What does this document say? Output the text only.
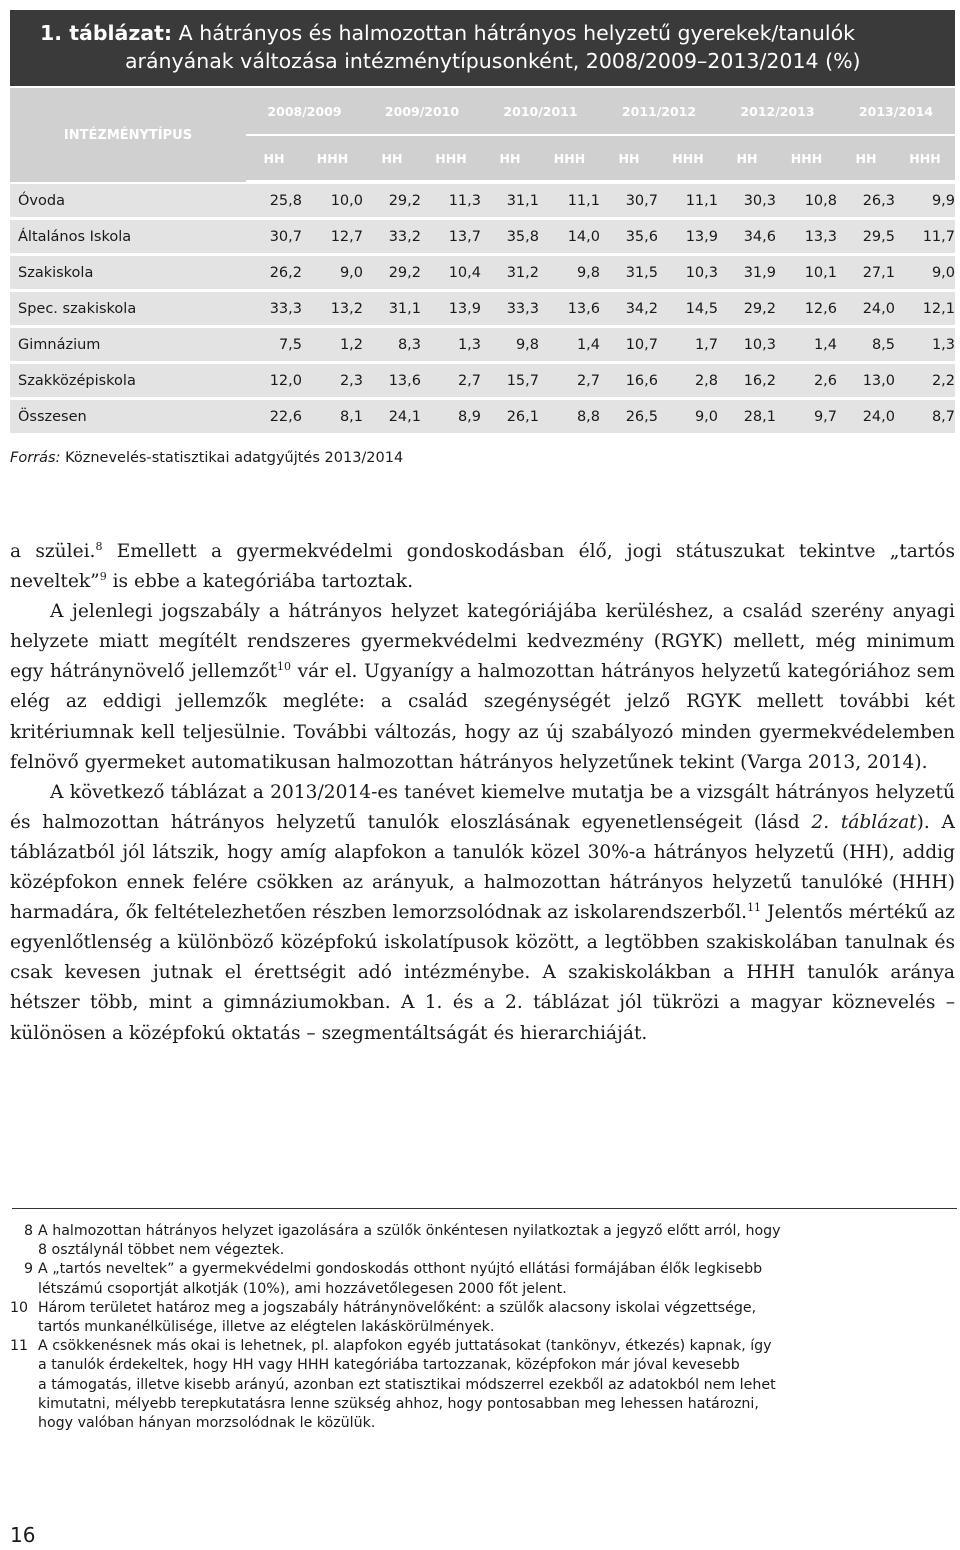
1. táblázat: A hátrányos és halmozottan hátrányos helyzetű gyerekek/tanulók
arányának változása intézménytípusonként, 2008/2009–2013/2014 (%)
INTÉZMÉNYTÍPUS	2008/2009		2009/2010		2010/2011		2011/2012		2012/2013		2013/2014	
	HH	HHH	HH	HHH	HH	HHH	HH	HHH	HH	HHH	HH	HHH
Óvoda	25,8	10,0	29,2	11,3	31,1	11,1	30,7	11,1	30,3	10,8	26,3	9,9
Általános Iskola	30,7	12,7	33,2	13,7	35,8	14,0	35,6	13,9	34,6	13,3	29,5	11,7
Szakiskola	26,2	9,0	29,2	10,4	31,2	9,8	31,5	10,3	31,9	10,1	27,1	9,0
Spec. szakiskola	33,3	13,2	31,1	13,9	33,3	13,6	34,2	14,5	29,2	12,6	24,0	12,1
Gimnázium	7,5	1,2	8,3	1,3	9,8	1,4	10,7	1,7	10,3	1,4	8,5	1,3
Szakközépiskola	12,0	2,3	13,6	2,7	15,7	2,7	16,6	2,8	16,2	2,6	13,0	2,2
Összesen	22,6	8,1	24,1	8,9	26,1	8,8	26,5	9,0	28,1	9,7	24,0	8,7
Forrás: Köznevelés-statisztikai adatgyűjtés 2013/2014

a szülei.$^8$ Emellett a gyermekvédelmi gondoskodásban élő, jogi státuszukat tekintve „tartós neveltek”$^9$ is ebbe a kategóriába tartoztak.

A jelenlegi jogszabály a hátrányos helyzet kategóriájába kerüléshez, a család szerény anyagi helyzete miatt megítélt rendszeres gyermekvédelmi kedvezmény (RGYK) mellett, még minimum egy hátránynövelő jellemzőt$^{10}$ vár el. Ugyanígy a halmozottan hátrányos helyzetű kategóriához sem elég az eddigi jellemzők megléte: a család szegénységét jelző RGYK mellett további két kritériumnak kell teljesülnie. További változás, hogy az új szabályozó minden gyermekvédelemben felnövő gyermeket automatikusan halmozottan hátrányos helyzetűnek tekint (Varga 2013, 2014).

A következő táblázat a 2013/2014-es tanévet kiemelve mutatja be a vizsgált hátrányos helyzetű és halmozottan hátrányos helyzetű tanulók eloszlásának egyenetlenségeit (lásd 2. táblázat). A táblázatból jól látszik, hogy amíg alapfokon a tanulók közel 30%-a hátrányos helyzetű (HH), addig középfokon ennek felére csökken az arányuk, a halmozottan hátrányos helyzetű tanulóké (HHH) harmadára, ők feltételezhetően részben lemorzsolódnak az iskolarendszerből.$^{11}$ Jelentős mértékű az egyenlőtlenség a különböző középfokú iskolatípusok között, a legtöbben szakiskolában tanulnak és csak kevesen jutnak el érettségit adó intézménybe. A szakiskolákban a HHH tanulók aránya hétszer több, mint a gimnáziumokban. A 1. és a 2. táblázat jól tükrözi a magyar köznevelés – különösen a középfokú oktatás – szegmentáltságát és hierarchiáját.

8 A halmozottan hátrányos helyzet igazolására a szülők önkéntesen nyilatkoztak a jegyző előtt arról, hogy
8 osztálynál többet nem végeztek.
9 A „tartós neveltek” a gyermekvédelmi gondoskodás otthont nyújtó ellátási formájában élők legkisebb
létszámú csoportját alkotják (10%), ami hozzávetőlegesen 2000 főt jelent.
10 Három területet határoz meg a jogszabály hátránynövelőként: a szülők alacsony iskolai végzettsége,
tartós munkanélkülisége, illetve az elégtelen lakáskörülmények.
11 A csökkenésnek más okai is lehetnek, pl. alapfokon egyéb juttatásokat (tankönyv, étkezés) kapnak, így
a tanulók érdekeltek, hogy HH vagy HHH kategóriába tartozzanak, középfokon már jóval kevesebb
a támogatás, illetve kisebb arányú, azonban ezt statisztikai módszerrel ezekből az adatokból nem lehet
kimutatni, mélyebb terepkutatásra lenne szükség ahhoz, hogy pontosabban meg lehessen határozni,
hogy valóban hányan morzsolódnak le közülük.
16
